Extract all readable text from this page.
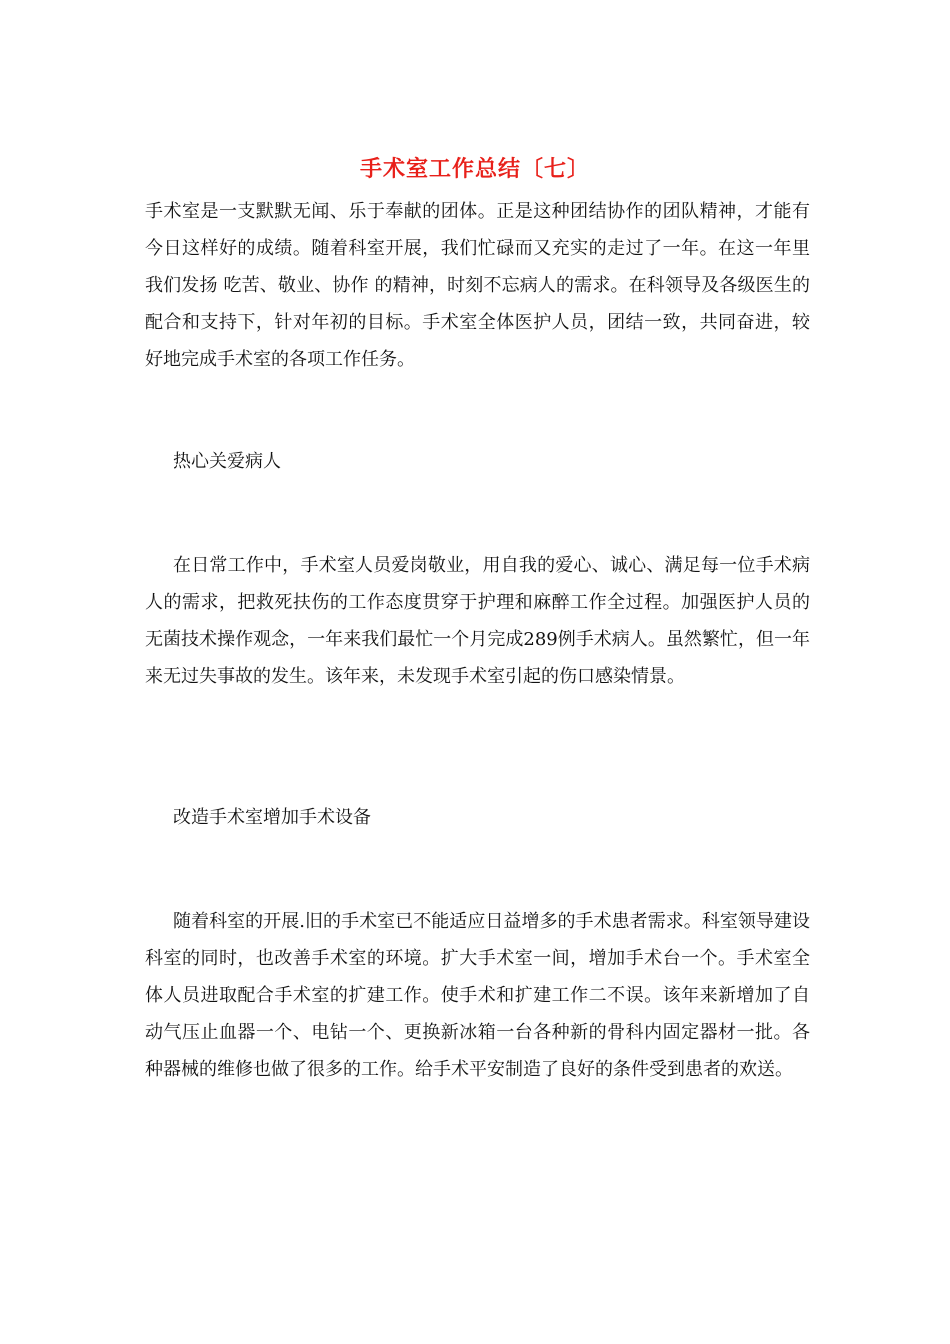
手术室工作总结〔七〕

手术室是一支默默无闻、乐于奉献的团体。正是这种团结协作的团队精神，才能有今日这样好的成绩。随着科室开展，我们忙碌而又充实的走过了一年。在这一年里我们发扬 吃苦、敬业、协作 的精神，时刻不忘病人的需求。在科领导及各级医生的配合和支持下，针对年初的目标。手术室全体医护人员，团结一致，共同奋进，较好地完成手术室的各项工作任务。

热心关爱病人

在日常工作中，手术室人员爱岗敬业，用自我的爱心、诚心、满足每一位手术病人的需求，把救死扶伤的工作态度贯穿于护理和麻醉工作全过程。加强医护人员的无菌技术操作观念，一年来我们最忙一个月完成289例手术病人。虽然繁忙，但一年来无过失事故的发生。该年来，未发现手术室引起的伤口感染情景。

改造手术室增加手术设备

随着科室的开展.旧的手术室已不能适应日益增多的手术患者需求。科室领导建设科室的同时，也改善手术室的环境。扩大手术室一间，增加手术台一个。手术室全体人员进取配合手术室的扩建工作。使手术和扩建工作二不误。该年来新增加了自动气压止血器一个、电钻一个、更换新冰箱一台各种新的骨科内固定器材一批。各种器械的维修也做了很多的工作。给手术平安制造了良好的条件受到患者的欢送。
